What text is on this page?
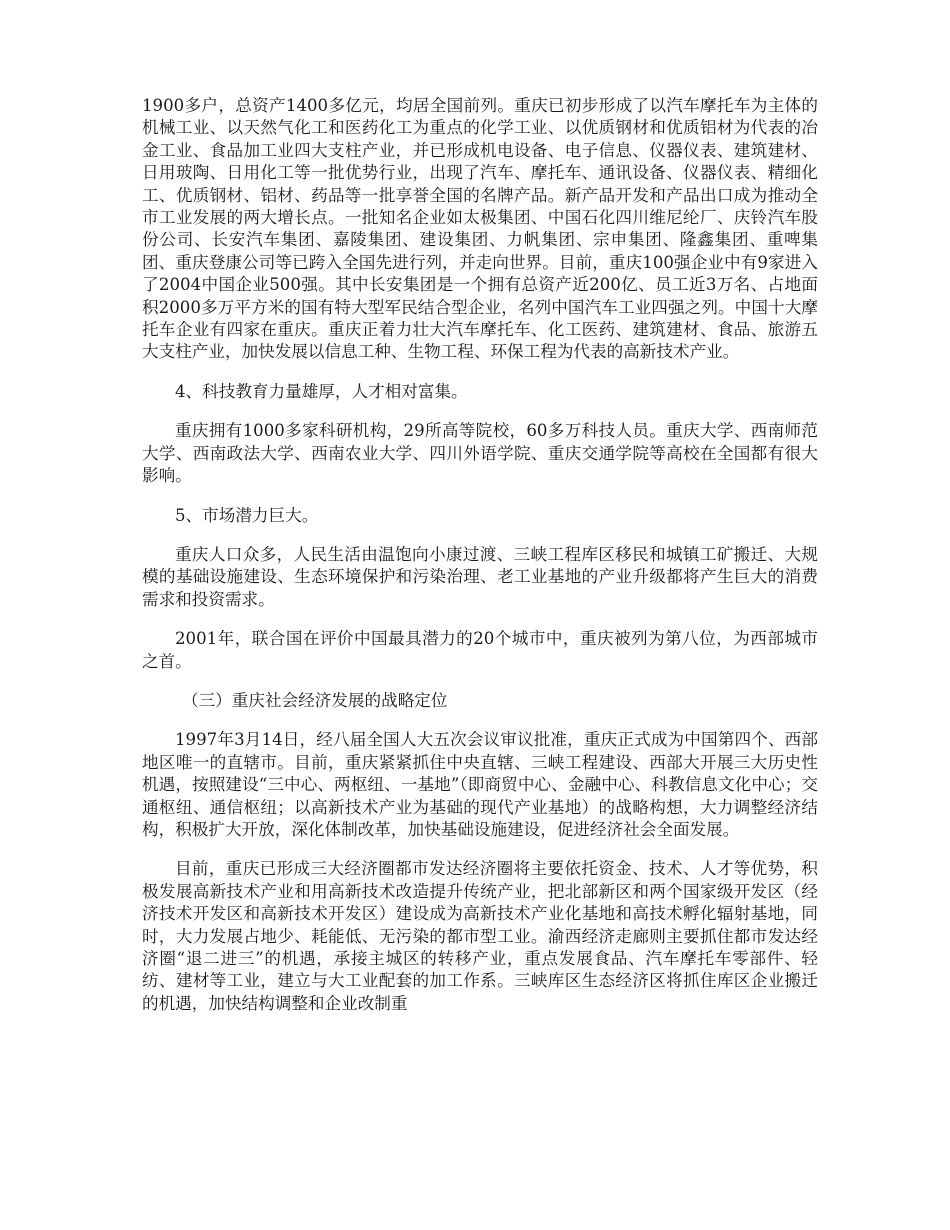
1900多户，总资产1400多亿元，均居全国前列。重庆已初步形成了以汽车摩托车为主体的机械工业、以天然气化工和医药化工为重点的化学工业、以优质钢材和优质铝材为代表的冶金工业、食品加工业四大支柱产业，并已形成机电设备、电子信息、仪器仪表、建筑建材、日用玻陶、日用化工等一批优势行业，出现了汽车、摩托车、通讯设备、仪器仪表、精细化工、优质钢材、铝材、药品等一批享誉全国的名牌产品。新产品开发和产品出口成为推动全市工业发展的两大增长点。一批知名企业如太极集团、中国石化四川维尼纶厂、庆铃汽车股份公司、长安汽车集团、嘉陵集团、建设集团、力帆集团、宗申集团、隆鑫集团、重啤集团、重庆登康公司等已跨入全国先进行列，并走向世界。目前，重庆100强企业中有9家进入了2004中国企业500强。其中长安集团是一个拥有总资产近200亿、员工近3万名、占地面积2000多万平方米的国有特大型军民结合型企业，名列中国汽车工业四强之列。中国十大摩托车企业有四家在重庆。重庆正着力壮大汽车摩托车、化工医药、建筑建材、食品、旅游五大支柱产业，加快发展以信息工种、生物工程、环保工程为代表的高新技术产业。

4、科技教育力量雄厚，人才相对富集。

重庆拥有1000多家科研机构，29所高等院校，60多万科技人员。重庆大学、西南师范大学、西南政法大学、西南农业大学、四川外语学院、重庆交通学院等高校在全国都有很大影响。

5、市场潜力巨大。

重庆人口众多，人民生活由温饱向小康过渡、三峡工程库区移民和城镇工矿搬迁、大规模的基础设施建设、生态环境保护和污染治理、老工业基地的产业升级都将产生巨大的消费需求和投资需求。

2001年，联合国在评价中国最具潜力的20个城市中，重庆被列为第八位，为西部城市之首。

（三）重庆社会经济发展的战略定位

1997年3月14日，经八届全国人大五次会议审议批准，重庆正式成为中国第四个、西部地区唯一的直辖市。目前，重庆紧紧抓住中央直辖、三峡工程建设、西部大开展三大历史性机遇，按照建设“三中心、两枢纽、一基地”（即商贸中心、金融中心、科教信息文化中心；交通枢纽、通信枢纽；以高新技术产业为基础的现代产业基地）的战略构想，大力调整经济结构，积极扩大开放，深化体制改革，加快基础设施建设，促进经济社会全面发展。

目前，重庆已形成三大经济圈都市发达经济圈将主要依托资金、技术、人才等优势，积极发展高新技术产业和用高新技术改造提升传统产业，把北部新区和两个国家级开发区（经济技术开发区和高新技术开发区）建设成为高新技术产业化基地和高技术孵化辐射基地，同时，大力发展占地少、耗能低、无污染的都市型工业。渝西经济走廊则主要抓住都市发达经济圈“退二进三”的机遇，承接主城区的转移产业，重点发展食品、汽车摩托车零部件、轻纺、建材等工业，建立与大工业配套的加工作系。三峡库区生态经济区将抓住库区企业搬迁的机遇，加快结构调整和企业改制重
